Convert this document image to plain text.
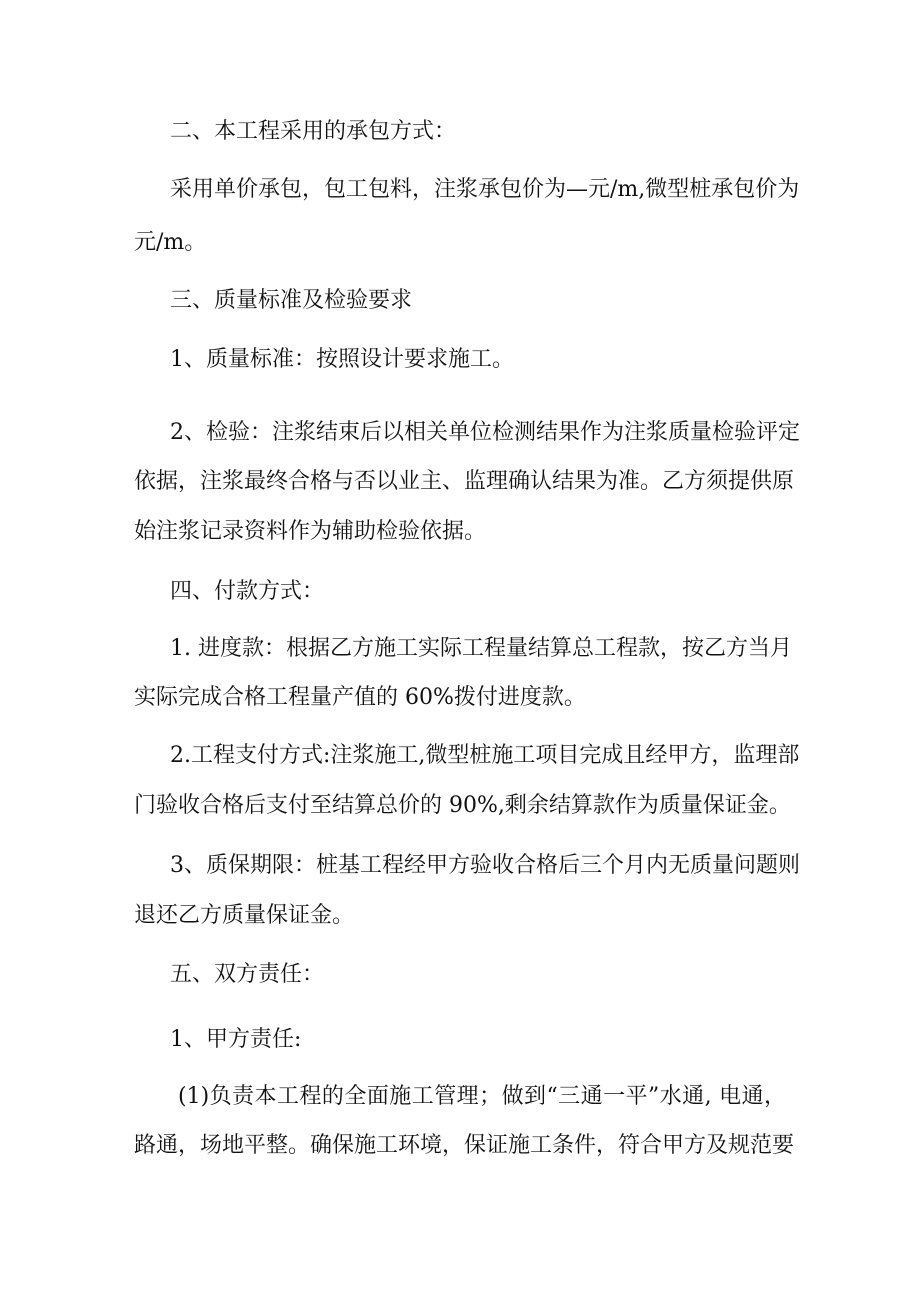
二、本工程采用的承包方式：
采用单价承包，包工包料，注浆承包价为—元/m,微型桩承包价为
元/m。
三、质量标准及检验要求
1、质量标准：按照设计要求施工。
2、检验：注浆结束后以相关单位检测结果作为注浆质量检验评定
依据，注浆最终合格与否以业主、监理确认结果为准。乙方须提供原
始注浆记录资料作为辅助检验依据。
四、付款方式：
1. 进度款：根据乙方施工实际工程量结算总工程款，按乙方当月
实际完成合格工程量产值的 60%拨付进度款。
2.工程支付方式:注浆施工,微型桩施工项目完成且经甲方，监理部
门验收合格后支付至结算总价的 90%,剩余结算款作为质量保证金。
3、质保期限：桩基工程经甲方验收合格后三个月内无质量问题则
退还乙方质量保证金。
五、双方责任：
1、甲方责任:
(1)负责本工程的全面施工管理；做到“三通一平”水通, 电通，
路通，场地平整。确保施工环境，保证施工条件，符合甲方及规范要
